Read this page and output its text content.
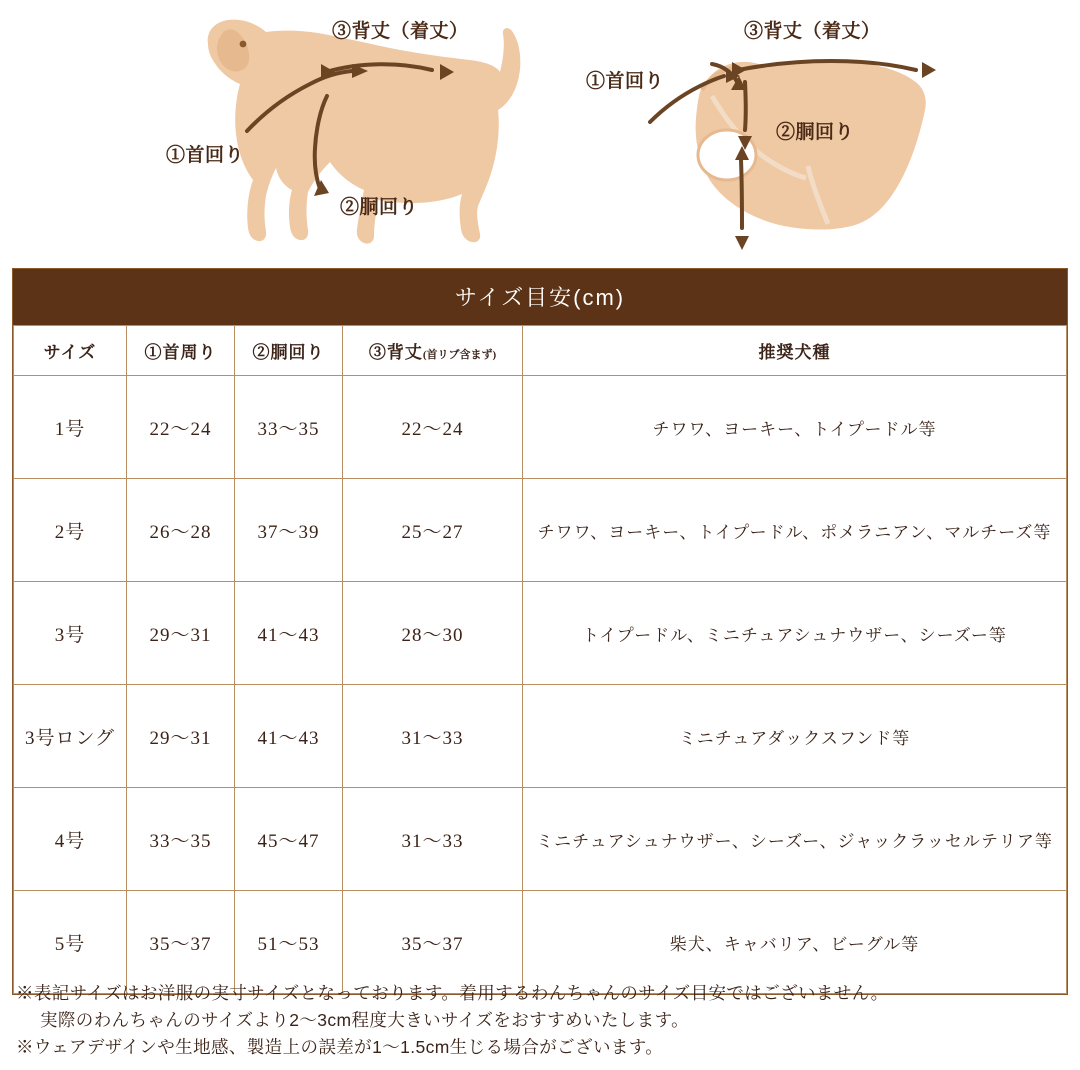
③背丈（着丈）
①首回り
②胴回り
③背丈（着丈）
①首回り
②胴回り
サイズ目安(cm)
サイズ	①首周り	②胴回り	③背丈(首リブ含まず)	推奨犬種
1号	22〜24	33〜35	22〜24	チワワ、ヨーキー、トイプードル等
2号	26〜28	37〜39	25〜27	チワワ、ヨーキー、トイプードル、ポメラニアン、マルチーズ等
3号	29〜31	41〜43	28〜30	トイプードル、ミニチュアシュナウザー、シーズー等
3号ロング	29〜31	41〜43	31〜33	ミニチュアダックスフンド等
4号	33〜35	45〜47	31〜33	ミニチュアシュナウザー、シーズー、ジャックラッセルテリア等
5号	35〜37	51〜53	35〜37	柴犬、キャバリア、ビーグル等

※表記サイズはお洋服の実寸サイズとなっております。着用するわんちゃんのサイズ目安ではございません。

実際のわんちゃんのサイズより2〜3cm程度大きいサイズをおすすめいたします。

※ウェアデザインや生地感、製造上の誤差が1〜1.5cm生じる場合がございます。
